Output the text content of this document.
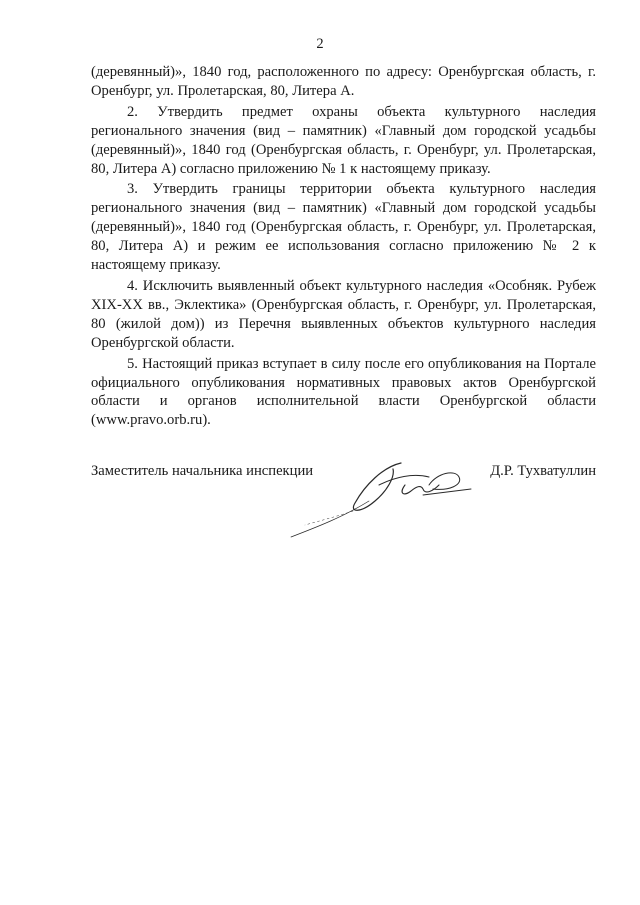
2

(деревянный)», 1840 год, расположенного по адресу: Оренбургская область, г. Оренбург, ул. Пролетарская, 80, Литера А.

2. Утвердить предмет охраны объекта культурного наследия регионального значения (вид – памятник) «Главный дом городской усадьбы (деревянный)», 1840 год (Оренбургская область, г. Оренбург, ул. Пролетарская, 80, Литера А) согласно приложению № 1 к настоящему приказу.

3. Утвердить границы территории объекта культурного наследия регионального значения (вид – памятник) «Главный дом городской усадьбы (деревянный)», 1840 год (Оренбургская область, г. Оренбург, ул. Пролетарская, 80, Литера А) и режим ее использования согласно приложению № 2 к настоящему приказу.

4. Исключить выявленный объект культурного наследия «Особняк. Рубеж XIX-XX вв., Эклектика» (Оренбургская область, г. Оренбург, ул. Пролетарская, 80 (жилой дом)) из Перечня выявленных объектов культурного наследия Оренбургской области.

5. Настоящий приказ вступает в силу после его опубликования на Портале официального опубликования нормативных правовых актов Оренбургской области и органов исполнительной власти Оренбургской области (www.pravo.orb.ru).

Заместитель начальника инспекции	Д.Р. Тухватуллин
